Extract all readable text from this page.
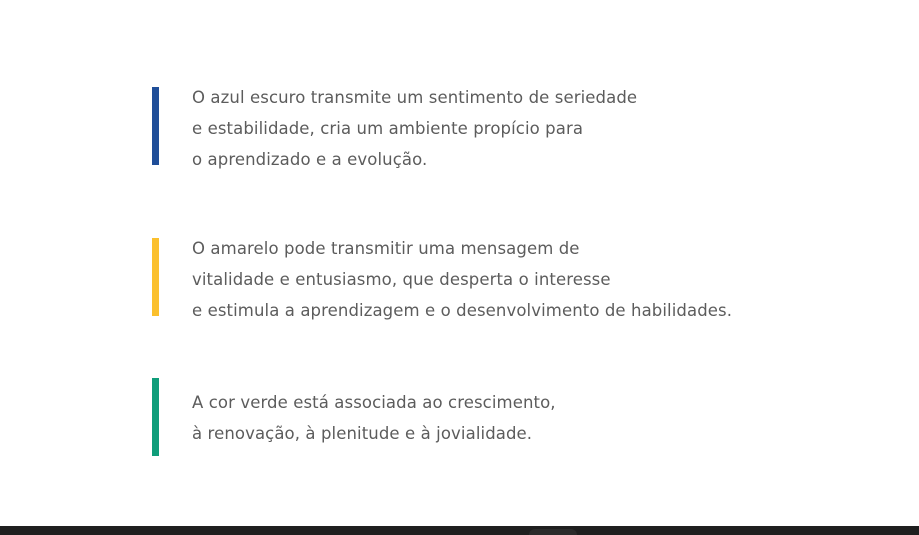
O azul escuro transmite um sentimento de seriedade
e estabilidade, cria um ambiente propício para
o aprendizado e a evolução.
O amarelo pode transmitir uma mensagem de
vitalidade e entusiasmo, que desperta o interesse
e estimula a aprendizagem e o desenvolvimento de habilidades.
A cor verde está associada ao crescimento,
à renovação, à plenitude e à jovialidade.
